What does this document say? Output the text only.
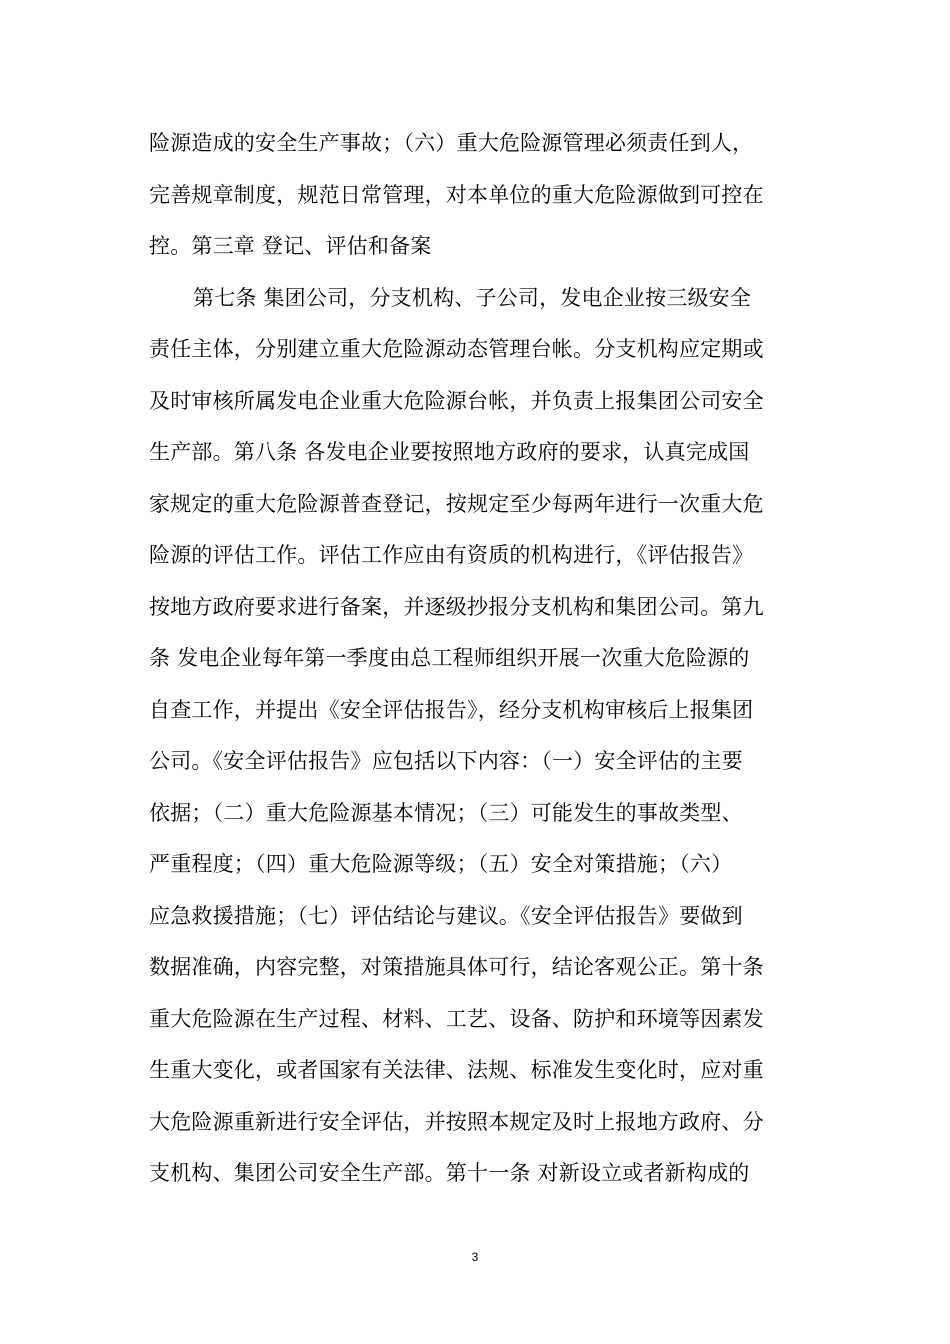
险源造成的安全生产事故；（六）重大危险源管理必须责任到人，
完善规章制度，规范日常管理，对本单位的重大危险源做到可控在
控。第三章 登记、评估和备案
第七条 集团公司，分支机构、子公司，发电企业按三级安全
责任主体，分别建立重大危险源动态管理台帐。分支机构应定期或
及时审核所属发电企业重大危险源台帐，并负责上报集团公司安全
生产部。第八条 各发电企业要按照地方政府的要求，认真完成国
家规定的重大危险源普查登记，按规定至少每两年进行一次重大危
险源的评估工作。评估工作应由有资质的机构进行，《评估报告》
按地方政府要求进行备案，并逐级抄报分支机构和集团公司。第九
条 发电企业每年第一季度由总工程师组织开展一次重大危险源的
自查工作，并提出《安全评估报告》，经分支机构审核后上报集团
公司。《安全评估报告》应包括以下内容：（一）安全评估的主要
依据；（二）重大危险源基本情况；（三）可能发生的事故类型、
严重程度；（四）重大危险源等级；（五）安全对策措施；（六）
应急救援措施；（七）评估结论与建议。《安全评估报告》要做到
数据准确，内容完整，对策措施具体可行，结论客观公正。第十条
重大危险源在生产过程、材料、工艺、设备、防护和环境等因素发
生重大变化，或者国家有关法律、法规、标准发生变化时，应对重
大危险源重新进行安全评估，并按照本规定及时上报地方政府、分
支机构、集团公司安全生产部。第十一条 对新设立或者新构成的
3
